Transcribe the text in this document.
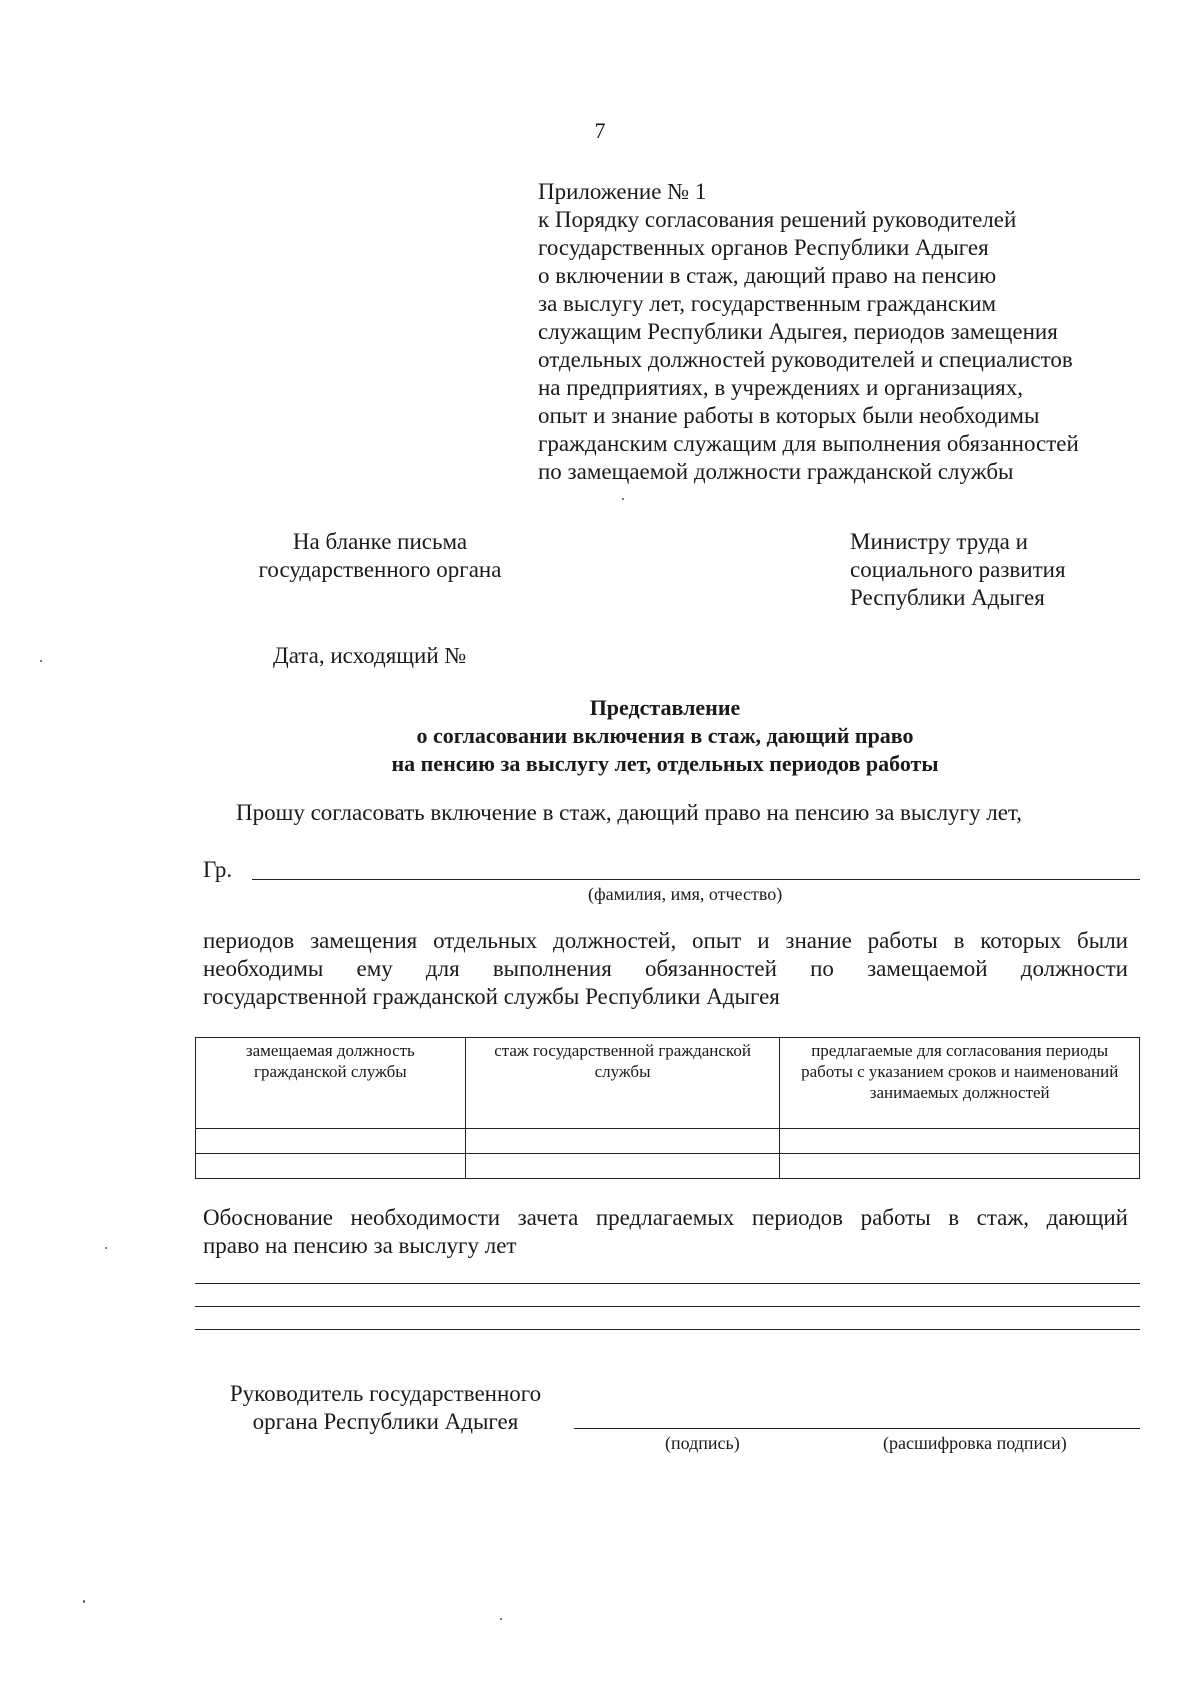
7
Приложение № 1
к Порядку согласования решений руководителей
государственных органов Республики Адыгея
о включении в стаж, дающий право на пенсию
за выслугу лет, государственным гражданским
служащим Республики Адыгея, периодов замещения
отдельных должностей руководителей и специалистов
на предприятиях, в учреждениях и организациях,
опыт и знание работы в которых были необходимы
гражданским служащим для выполнения обязанностей
по замещаемой должности гражданской службы
На бланке письма
государственного органа
Министру труда и
социального развития
Республики Адыгея
Дата, исходящий №
Представление
о согласовании включения в стаж, дающий право
на пенсию за выслугу лет, отдельных периодов работы
Прошу согласовать включение в стаж, дающий право на пенсию за выслугу лет,
Гр.
(фамилия, имя, отчество)
периодов замещения отдельных должностей, опыт и знание работы в которых были
необходимы ему для выполнения обязанностей по замещаемой должности
государственной гражданской службы Республики Адыгея
замещаемая должность гражданской службы	стаж государственной гражданской службы	предлагаемые для согласования периоды работы с указанием сроков и наименований занимаемых должностей

Обоснование необходимости зачета предлагаемых периодов работы в стаж, дающий
право на пенсию за выслугу лет
Руководитель государственного
органа Республики Адыгея
(подпись)	(расшифровка подписи)
